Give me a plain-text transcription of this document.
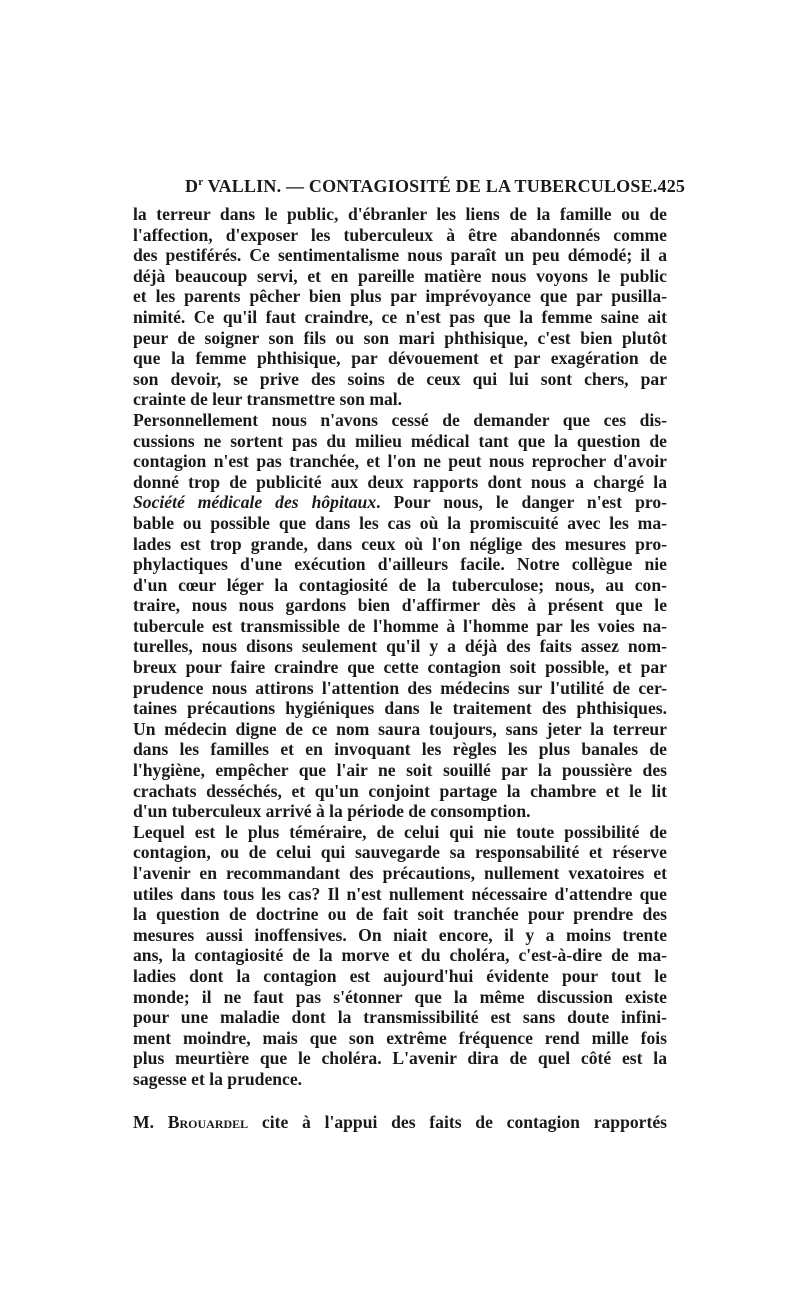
$D^r$ VALLIN. — CONTAGIOSITÉ DE LA TUBERCULOSE. 425
la terreur dans le public, d'ébranler les liens de la famille ou de
l'affection, d'exposer les tuberculeux à être abandonnés comme
des pestiférés. Ce sentimentalisme nous paraît un peu démodé; il a
déjà beaucoup servi, et en pareille matière nous voyons le public
et les parents pêcher bien plus par imprévoyance que par pusilla-
nimité. Ce qu'il faut craindre, ce n'est pas que la femme saine ait
peur de soigner son fils ou son mari phthisique, c'est bien plutôt
que la femme phthisique, par dévouement et par exagération de
son devoir, se prive des soins de ceux qui lui sont chers, par
crainte de leur transmettre son mal.
Personnellement nous n'avons cessé de demander que ces dis-
cussions ne sortent pas du milieu médical tant que la question de
contagion n'est pas tranchée, et l'on ne peut nous reprocher d'avoir
donné trop de publicité aux deux rapports dont nous a chargé la
Société médicale des hôpitaux. Pour nous, le danger n'est pro-
bable ou possible que dans les cas où la promiscuité avec les ma-
lades est trop grande, dans ceux où l'on néglige des mesures pro-
phylactiques d'une exécution d'ailleurs facile. Notre collègue nie
d'un cœur léger la contagiosité de la tuberculose; nous, au con-
traire, nous nous gardons bien d'affirmer dès à présent que le
tubercule est transmissible de l'homme à l'homme par les voies na-
turelles, nous disons seulement qu'il y a déjà des faits assez nom-
breux pour faire craindre que cette contagion soit possible, et par
prudence nous attirons l'attention des médecins sur l'utilité de cer-
taines précautions hygiéniques dans le traitement des phthisiques.
Un médecin digne de ce nom saura toujours, sans jeter la terreur
dans les familles et en invoquant les règles les plus banales de
l'hygiène, empêcher que l'air ne soit souillé par la poussière des
crachats desséchés, et qu'un conjoint partage la chambre et le lit
d'un tuberculeux arrivé à la période de consomption.
Lequel est le plus téméraire, de celui qui nie toute possibilité de
contagion, ou de celui qui sauvegarde sa responsabilité et réserve
l'avenir en recommandant des précautions, nullement vexatoires et
utiles dans tous les cas? Il n'est nullement nécessaire d'attendre que
la question de doctrine ou de fait soit tranchée pour prendre des
mesures aussi inoffensives. On niait encore, il y a moins trente
ans, la contagiosité de la morve et du choléra, c'est-à-dire de ma-
ladies dont la contagion est aujourd'hui évidente pour tout le
monde; il ne faut pas s'étonner que la même discussion existe
pour une maladie dont la transmissibilité est sans doute infini-
ment moindre, mais que son extrême fréquence rend mille fois
plus meurtière que le choléra. L'avenir dira de quel côté est la
sagesse et la prudence.
M. Brouardel cite à l'appui des faits de contagion rapportés
